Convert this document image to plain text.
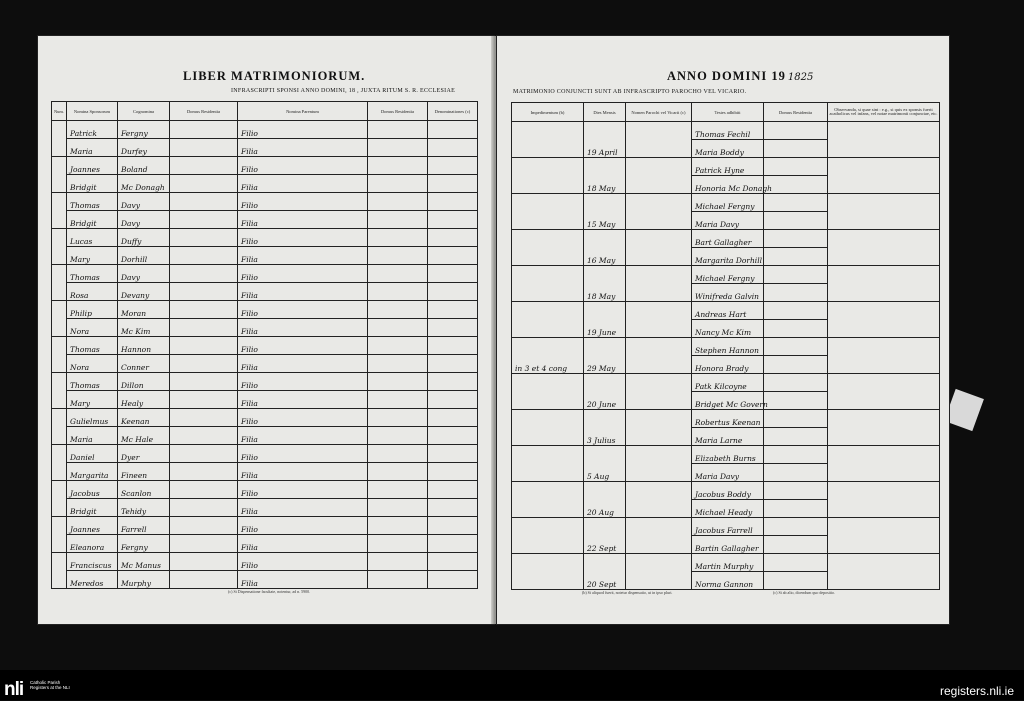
LIBER MATRIMONIORUM.
INFRASCRIPTI SPONSI ANNO DOMINI, 18 , JUXTA RITUM S. R. ECCLESIAE
Num.	Nomina Sponsorum	Cognomina	Domus Residentia	Nomina Parentum	Domus Residentia	Denominationes (c)
	Patrick	Fergny		Filio		
	Maria	Durfey		Filia		
	Joannes	Boland		Filio		
	Bridgit	Mc Donagh		Filia		
	Thomas	Davy		Filio		
	Bridgit	Davy		Filia		
	Lucas	Duffy		Filio		
	Mary	Dorhill		Filia		
	Thomas	Davy		Filio		
	Rosa	Devany		Filia		
	Philip	Moran		Filio		
	Nora	Mc Kim		Filia		
	Thomas	Hannon		Filio		
	Nora	Conner		Filia		
	Thomas	Dillon		Filio		
	Mary	Healy		Filia		
	Gulielmus	Keenan		Filio		
	Maria	Mc Hale		Filia		
	Daniel	Dyer		Filio		
	Margarita	Fineen		Filia		
	Jacobus	Scanlon		Filio		
	Bridgit	Tehidy		Filia		
	Joannes	Farrell		Filio		
	Eleanora	Fergny		Filia		
	Franciscus	Mc Manus		Filio		
	Meredos	Murphy		Filia		
(c) Si Dispensatione facultate, notentur, ad n. 5900.
ANNO DOMINI 19 1825
MATRIMONIO CONJUNCTI SUNT AB INFRASCRIPTO PAROCHO VEL VICARIO.
Impedimentum (b)	Dies Mensis	Nomen Parochi vel Vicarii (c)	Testes adhibiti	Domus Residentia	Observanda, si quae sint : e.g., si quis ex sponsis fuerit acatholicus vel infans, vel notae matrimonii conjunctae, etc.
	19 April		Thomas Fechil		
			Maria Boddy		
	18 May		Patrick Hyne		
			Honoria Mc Donagh		
	15 May		Michael Fergny		
			Maria Davy		
	16 May		Bart Gallagher		
			Margarita Dorhill		
	18 May		Michael Fergny		
			Winifreda Galvin		
	19 June		Andreas Hart		
			Nancy Mc Kim		
in 3 et 4 cong	29 May		Stephen Hannon		
			Honora Brady		
	20 June		Patk Kilcoyne		
			Bridget Mc Govern		
	3 Julius		Robertus Keenan		
			Maria Larne		
	5 Aug		Elizabeth Burns		
			Maria Davy		
	20 Aug		Jacobus Boddy		
			Michael Heady		
	22 Sept		Jacobus Farrell		
			Bartin Gallagher		
	20 Sept		Martin Murphy		
			Norma Gannon		
(b) Si aliquod fuerit, notetur dispensatio, ut in ipso pluri.	(c) Si ab alio, dicendum quo depositio.
nli Catholic Parish Registers at the NLI	registers.nli.ie
